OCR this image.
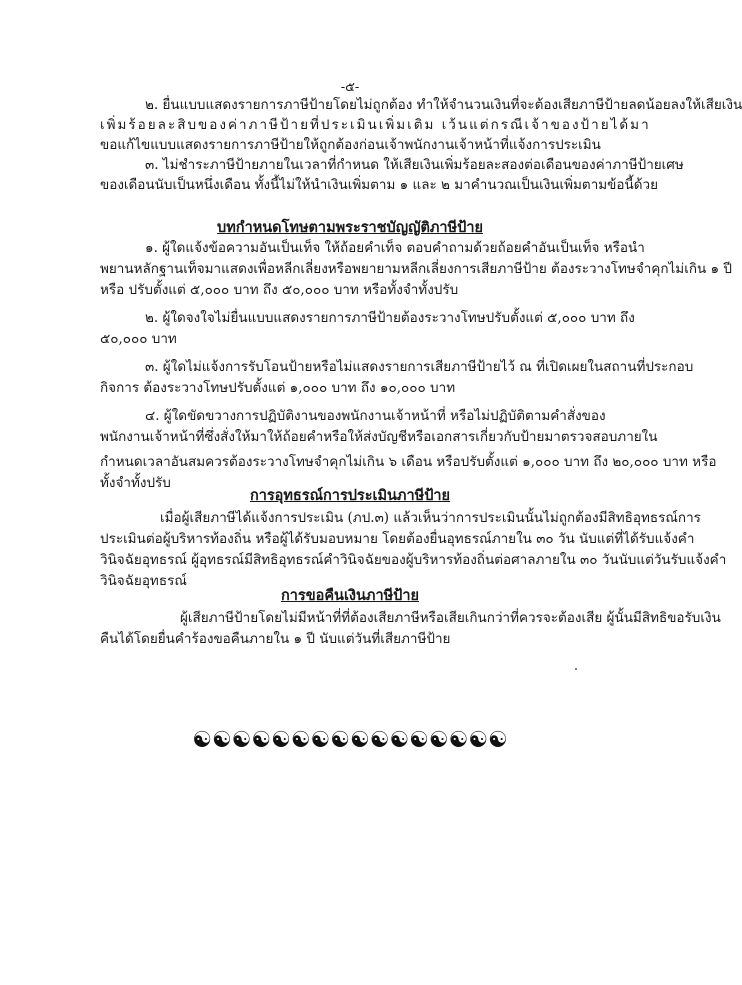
-๕-
๒. ยื่นแบบแสดงรายการภาษีป้ายโดยไม่ถูกต้อง ทำให้จำนวนเงินที่จะต้องเสียภาษีป้ายลดน้อยลงให้เสียเงิน
เพิ่มร้อยละสิบของค่าภาษีป้ายที่ประเมินเพิ่มเติม เว้นแต่กรณีเจ้าของป้ายได้มา
ขอแก้ไขแบบแสดงรายการภาษีป้ายให้ถูกต้องก่อนเจ้าพนักงานเจ้าหน้าที่แจ้งการประเมิน
๓. ไม่ชำระภาษีป้ายภายในเวลาที่กำหนด ให้เสียเงินเพิ่มร้อยละสองต่อเดือนของค่าภาษีป้ายเศษ
ของเดือนนับเป็นหนึ่งเดือน ทั้งนี้ไม่ให้นำเงินเพิ่มตาม ๑ และ ๒ มาคำนวณเป็นเงินเพิ่มตามข้อนี้ด้วย
บทกำหนดโทษตามพระราชบัญญัติภาษีป้าย
๑. ผู้ใดแจ้งข้อความอันเป็นเท็จ ให้ถ้อยคำเท็จ ตอบคำถามด้วยถ้อยคำอันเป็นเท็จ หรือนำ
พยานหลักฐานเท็จมาแสดงเพื่อหลีกเลี่ยงหรือพยายามหลีกเลี่ยงการเสียภาษีป้าย ต้องระวางโทษจำคุกไม่เกิน ๑ ปี
หรือ ปรับตั้งแต่ ๕,๐๐๐ บาท ถึง ๕๐,๐๐๐ บาท หรือทั้งจำทั้งปรับ
๒. ผู้ใดจงใจไม่ยื่นแบบแสดงรายการภาษีป้ายต้องระวางโทษปรับตั้งแต่ ๕,๐๐๐ บาท ถึง
๕๐,๐๐๐ บาท
๓. ผู้ใดไม่แจ้งการรับโอนป้ายหรือไม่แสดงรายการเสียภาษีป้ายไว้ ณ ที่เปิดเผยในสถานที่ประกอบ
กิจการ ต้องระวางโทษปรับตั้งแต่ ๑,๐๐๐ บาท ถึง ๑๐,๐๐๐ บาท
๔. ผู้ใดขัดขวางการปฏิบัติงานของพนักงานเจ้าหน้าที่ หรือไม่ปฏิบัติตามคำสั่งของ
พนักงานเจ้าหน้าที่ซึ่งสั่งให้มาให้ถ้อยคำหรือให้ส่งบัญชีหรือเอกสารเกี่ยวกับป้ายมาตรวจสอบภายใน
กำหนดเวลาอันสมควรต้องระวางโทษจำคุกไม่เกิน ๖ เดือน หรือปรับตั้งแต่ ๑,๐๐๐ บาท ถึง ๒๐,๐๐๐ บาท หรือ
ทั้งจำทั้งปรับ
การอุทธรณ์การประเมินภาษีป้าย
เมื่อผู้เสียภาษีได้แจ้งการประเมิน (ภป.๓) แล้วเห็นว่าการประเมินนั้นไม่ถูกต้องมีสิทธิอุทธรณ์การ
ประเมินต่อผู้บริหารท้องถิ่น หรือผู้ได้รับมอบหมาย โดยต้องยื่นอุทธรณ์ภายใน ๓๐ วัน นับแต่ที่ได้รับแจ้งคำ
วินิจฉัยอุทธรณ์ ผู้อุทธรณ์มีสิทธิอุทธรณ์คำวินิจฉัยของผู้บริหารท้องถิ่นต่อศาลภายใน ๓๐ วันนับแต่วันรับแจ้งคำ
วินิจฉัยอุทธรณ์
การขอคืนเงินภาษีป้าย
ผู้เสียภาษีป้ายโดยไม่มีหน้าที่ที่ต้องเสียภาษีหรือเสียเกินกว่าที่ควรจะต้องเสีย ผู้นั้นมีสิทธิขอรับเงิน
คืนได้โดยยื่นคำร้องขอคืนภายใน ๑ ปี นับแต่วันที่เสียภาษีป้าย
☯☯☯☯☯☯☯☯☯☯☯☯☯☯☯☯
